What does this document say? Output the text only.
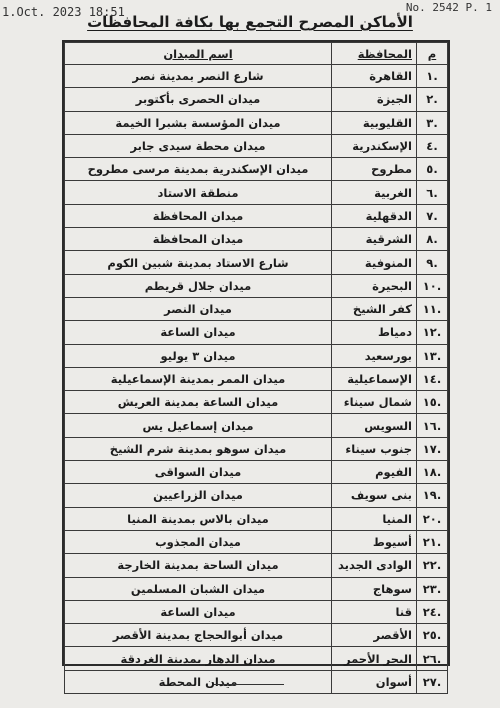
1.Oct. 2023 18:51	No. 2542 P. 1
الأماكن المصرح التجمع بها بكافة المحافظات
م	المحافظة	اسم الميدان
.١	القاهرة	شارع النصر بمدينة نصر
.٢	الجيزة	ميدان الحصرى بأكتوبر
.٣	القليوبية	ميدان المؤسسة بشبرا الخيمة
.٤	الإسكندرية	ميدان محطة سيدى جابر
.٥	مطروح	ميدان الإسكندرية بمدينة مرسى مطروح
.٦	الغربية	منطقة الاستاد
.٧	الدقهلية	ميدان المحافظة
.٨	الشرقية	ميدان المحافظة
.٩	المنوفية	شارع الاستاد بمدينة شبين الكوم
.١٠	البحيرة	ميدان جلال قريطم
.١١	كفر الشيخ	ميدان النصر
.١٢	دمياط	ميدان الساعة
.١٣	بورسعيد	ميدان ٣ يوليو
.١٤	الإسماعيلية	ميدان الممر بمدينة الإسماعيلية
.١٥	شمال سيناء	ميدان الساعة بمدينة العريش
.١٦	السويس	ميدان إسماعيل يس
.١٧	جنوب سيناء	ميدان سوهو بمدينة شرم الشيخ
.١٨	الفيوم	ميدان السواقى
.١٩	بنى سويف	ميدان الزراعيين
.٢٠	المنيا	ميدان بالاس بمدينة المنيا
.٢١	أسيوط	ميدان المجذوب
.٢٢	الوادى الجديد	ميدان الساحة بمدينة الخارجة
.٢٣	سوهاج	ميدان الشبان المسلمين
.٢٤	قنا	ميدان الساعة
.٢٥	الأقصر	ميدان أبوالحجاج بمدينة الأقصر
.٢٦	البحر الأحمر	ميدان الدهار بمدينة الغردقة
.٢٧	أسوان	ميدان المحطة
